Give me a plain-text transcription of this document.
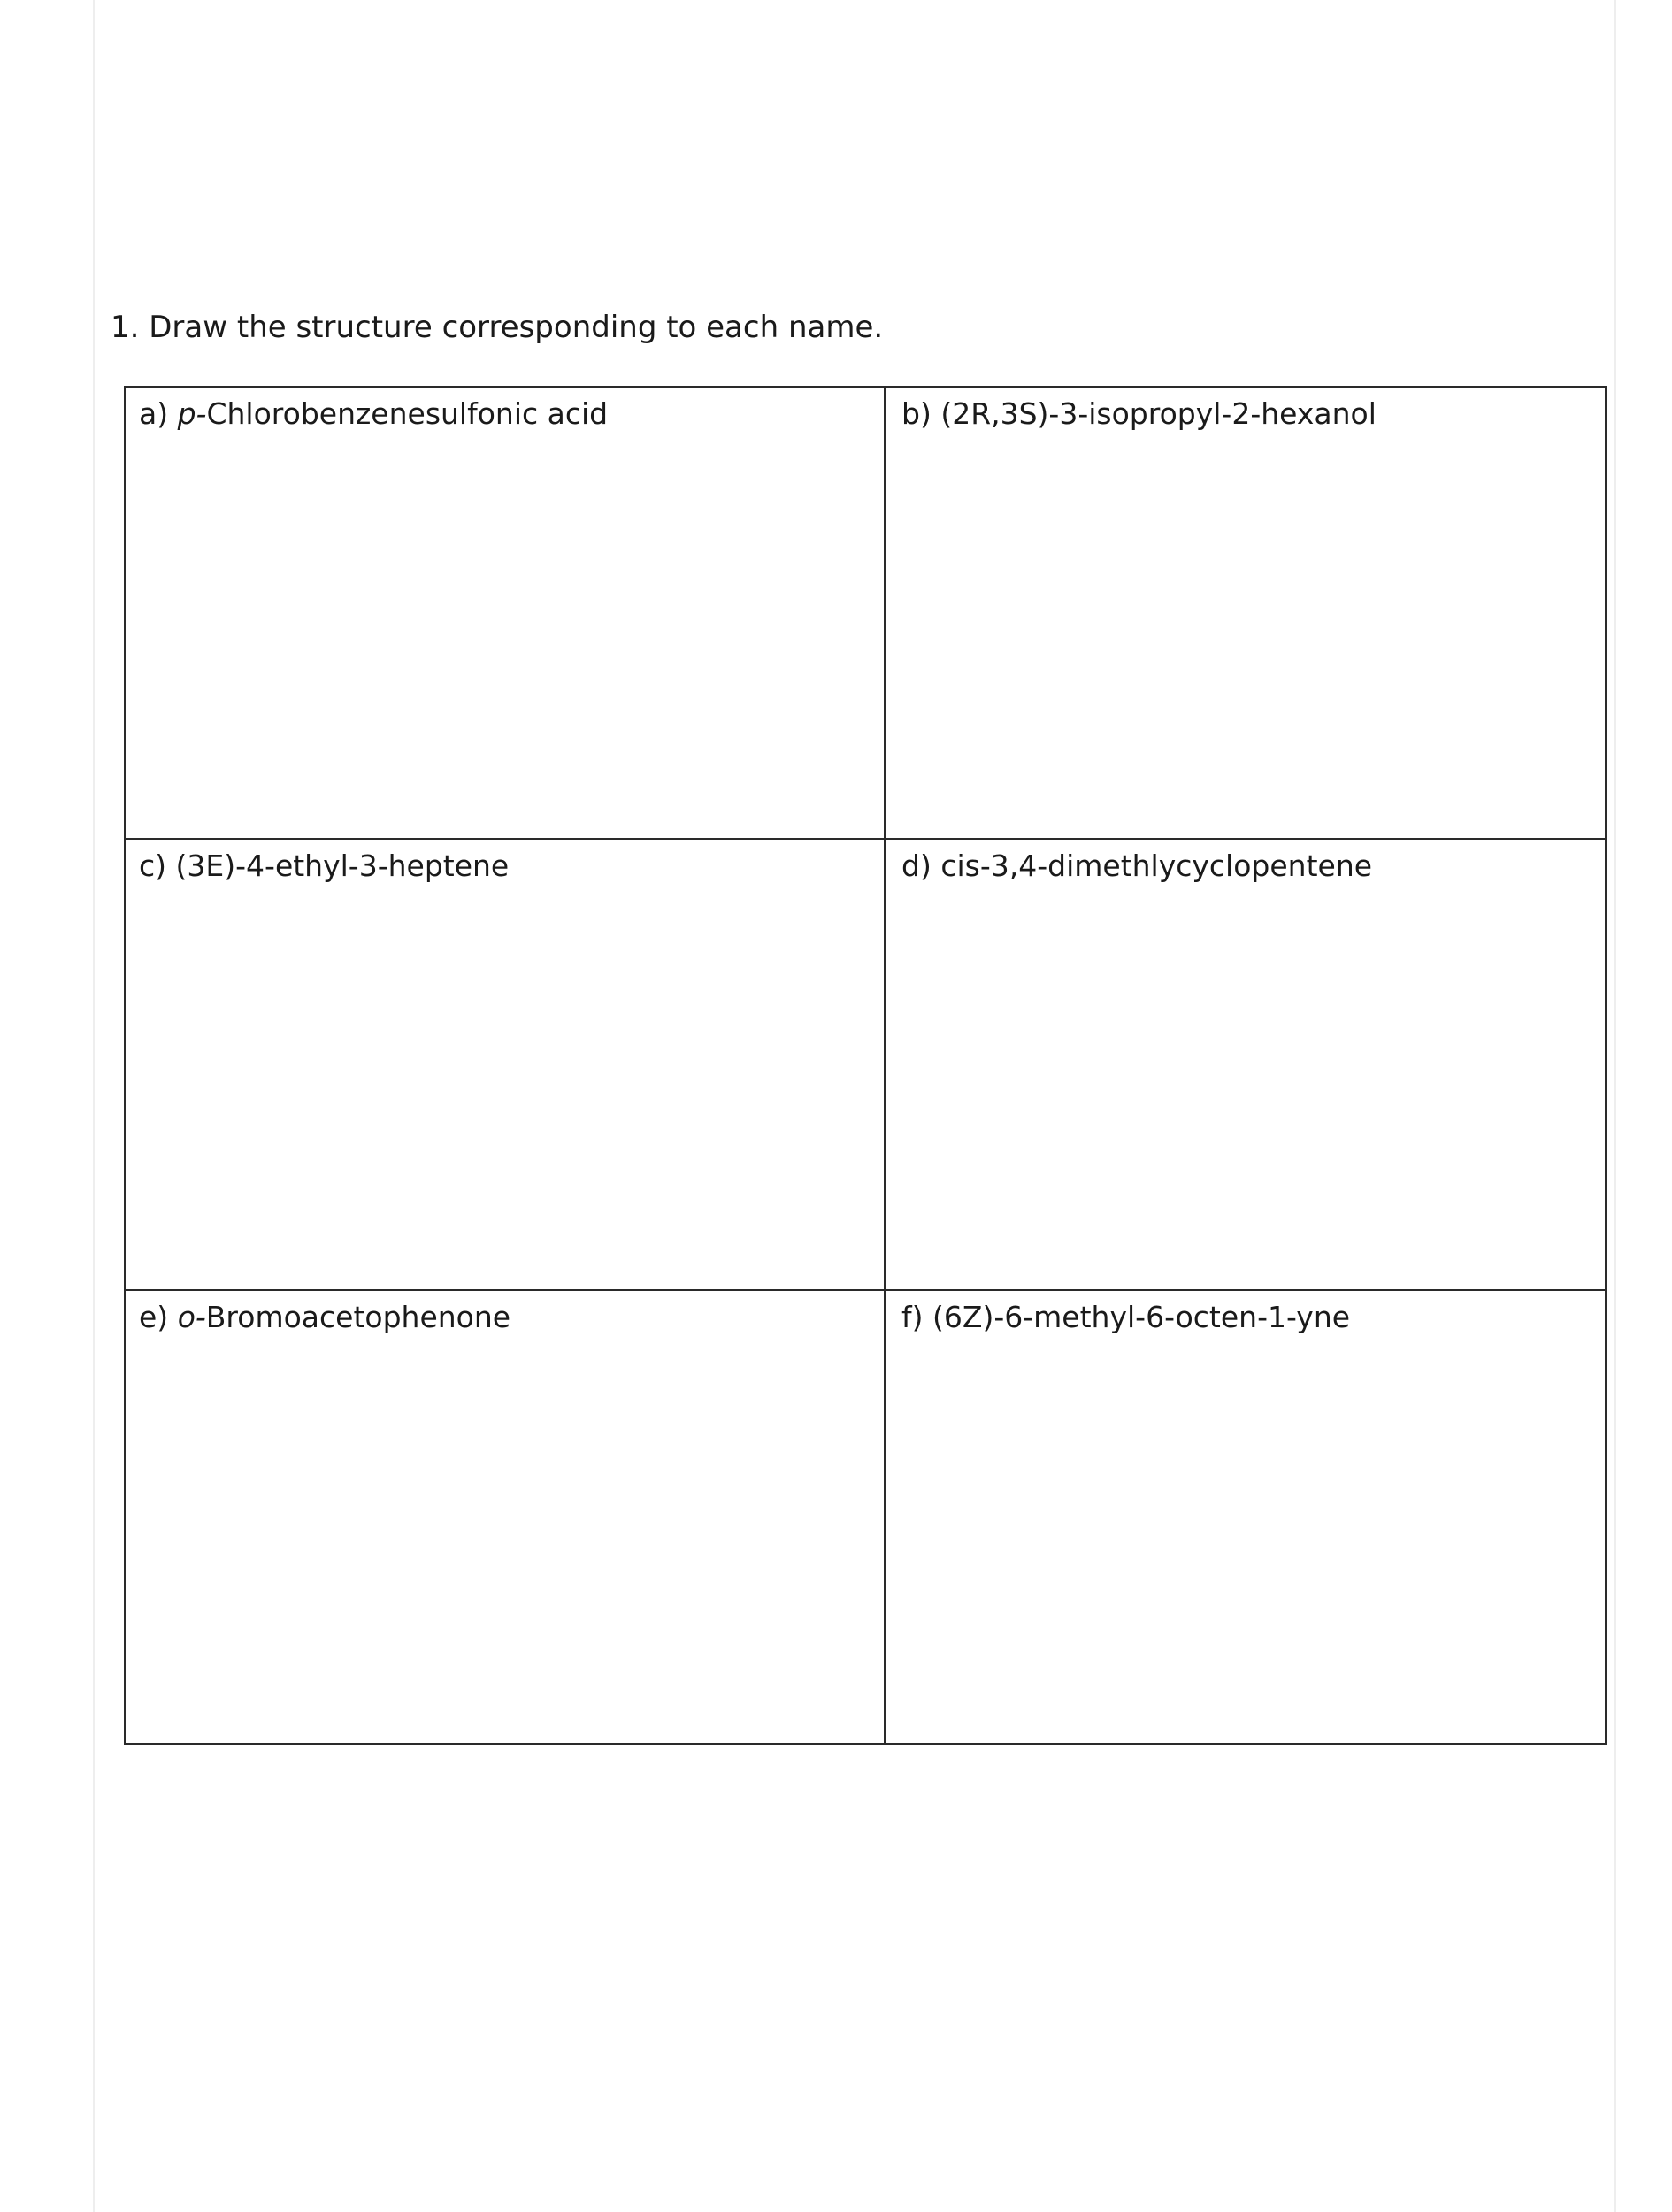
1. Draw the structure corresponding to each name.
a) p-Chlorobenzenesulfonic acid	b) (2R,3S)-3-isopropyl-2-hexanol
c) (3E)-4-ethyl-3-heptene	d) cis-3,4-dimethlycyclopentene
e) o-Bromoacetophenone	f) (6Z)-6-methyl-6-octen-1-yne
